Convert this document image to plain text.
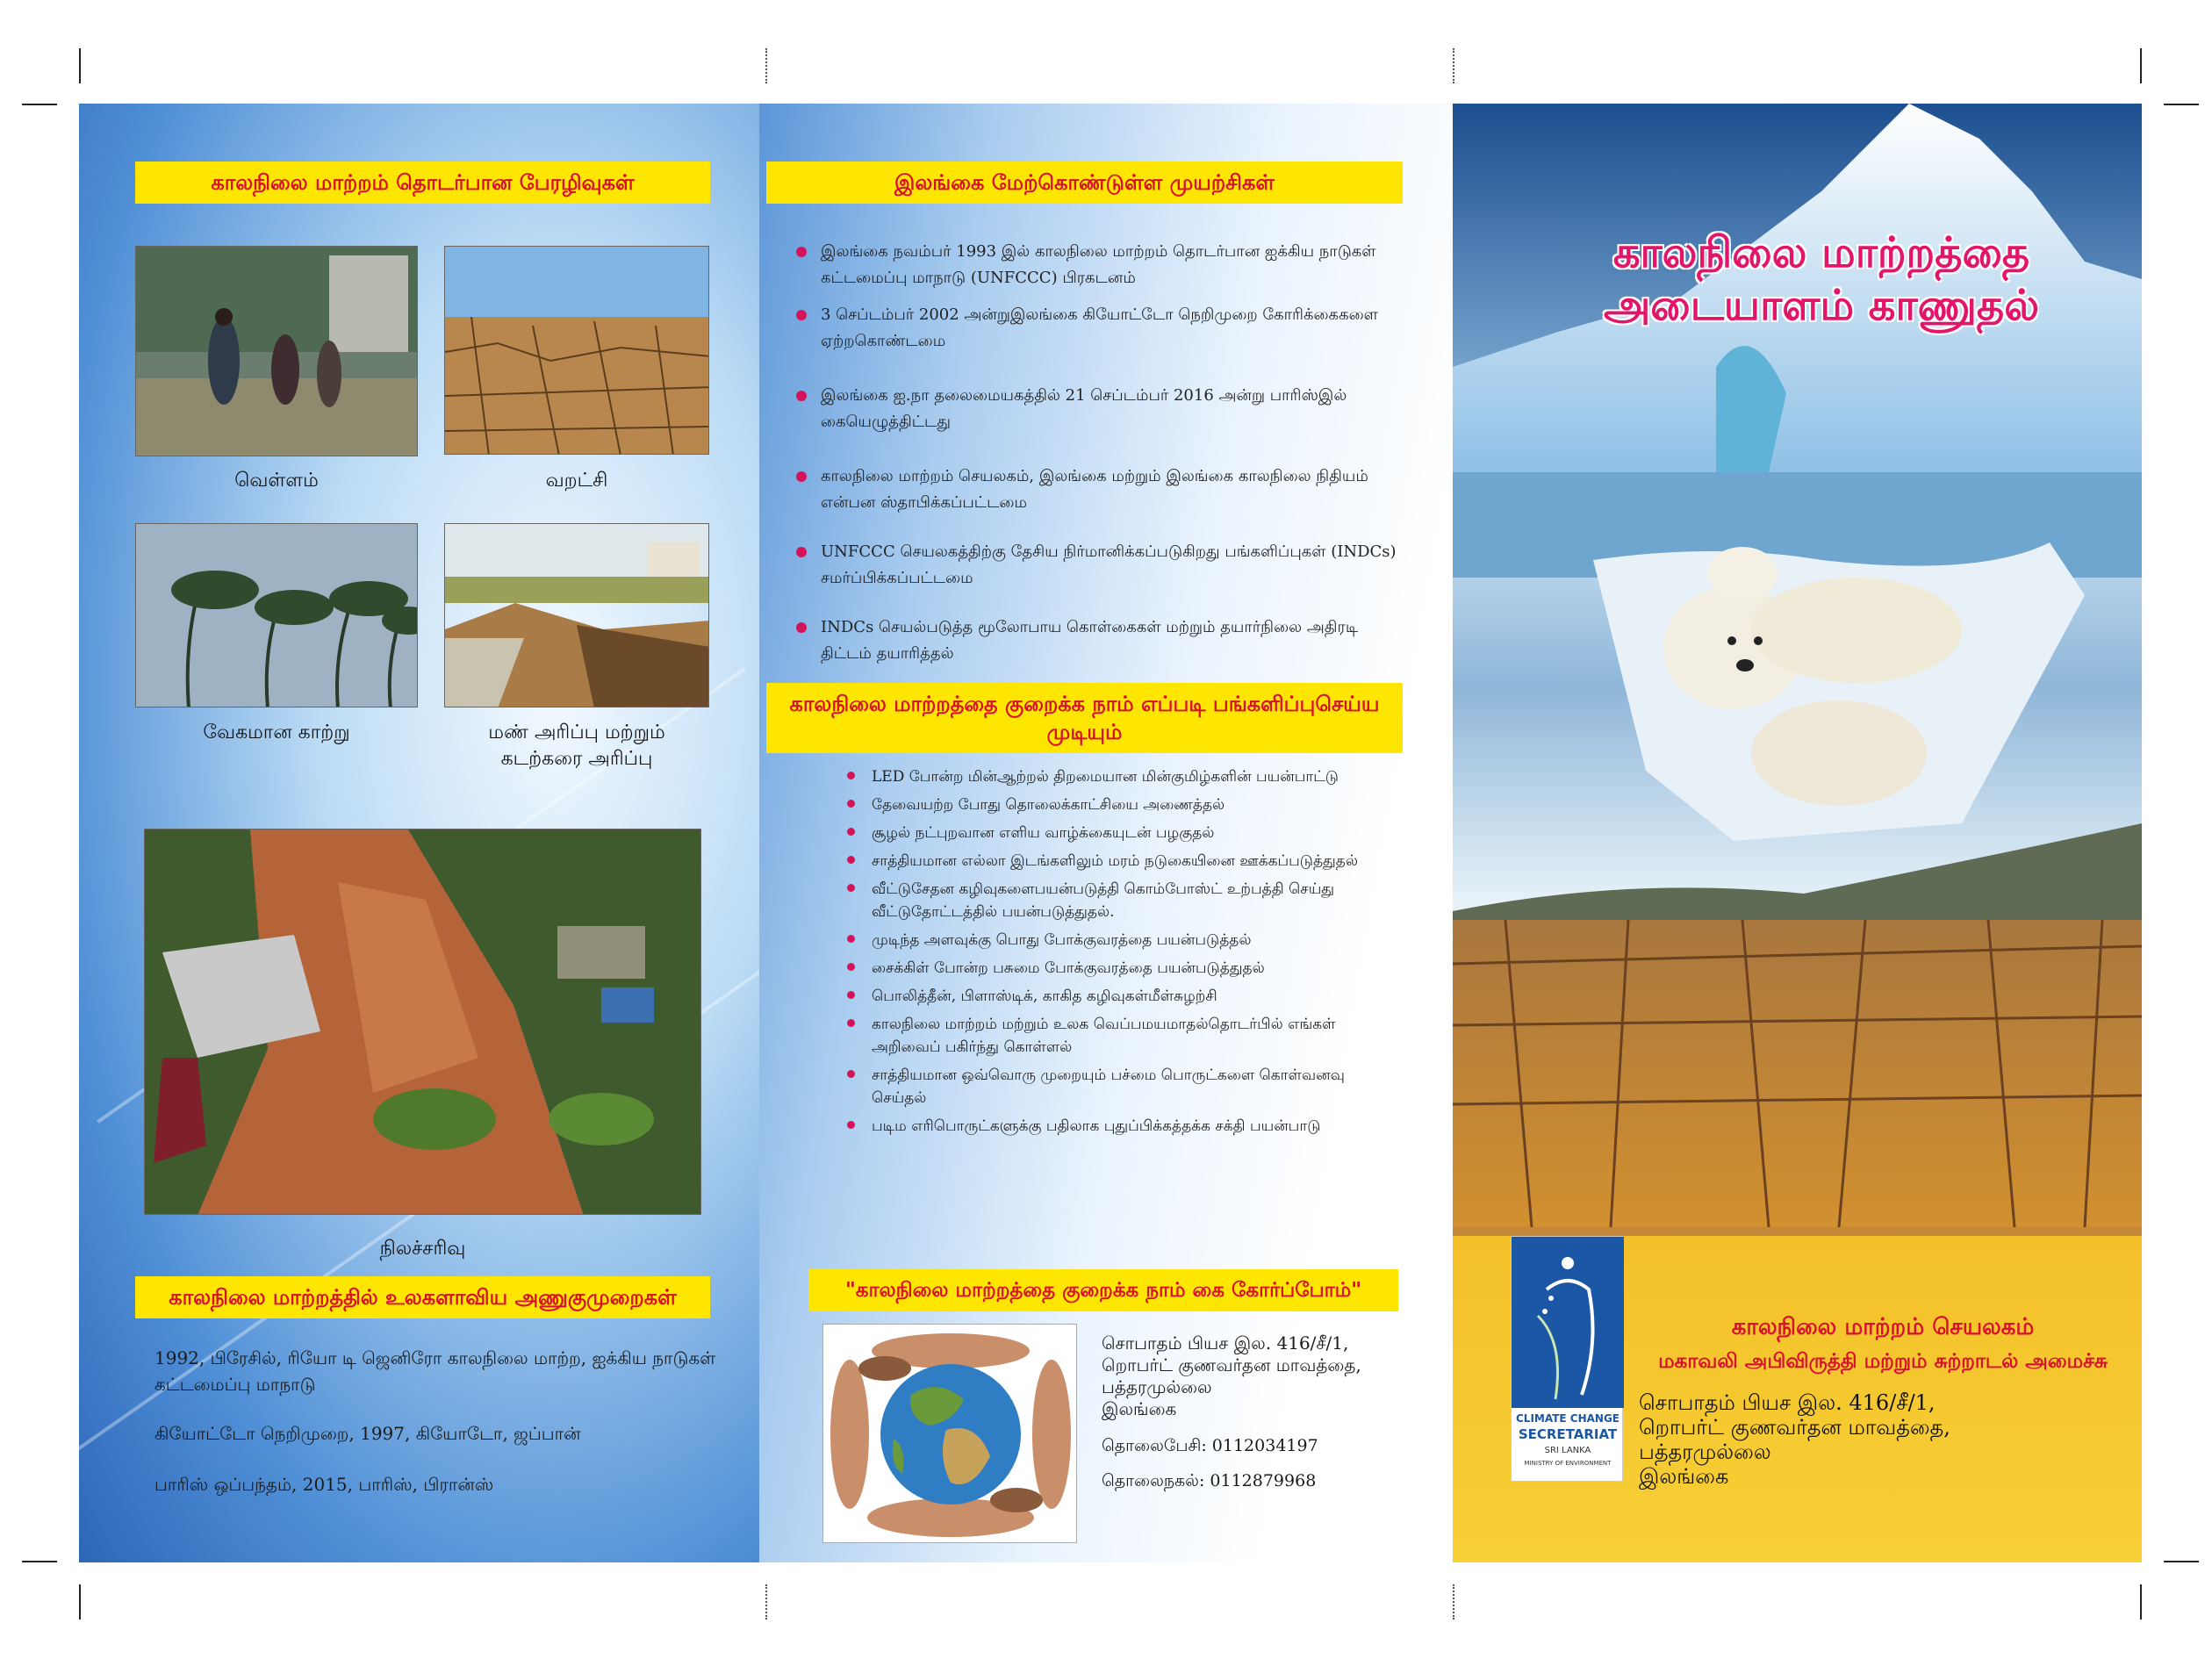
காலநிலை மாற்றம் தொடர்பான பேரழிவுகள்
வெள்ளம்	வறட்சி
வேகமான காற்று	மண் அரிப்பு மற்றும்
கடற்கரை அரிப்பு
நிலச்சரிவு
காலநிலை மாற்றத்தில் உலகளாவிய அணுகுமுறைகள்
1992, பிரேசில், ரியோ டி ஜெனிரோ காலநிலை மாற்ற, ஐக்கிய நாடுகள் கட்டமைப்பு மாநாடு
கியோட்டோ நெறிமுறை, 1997, கியோடோ, ஜப்பான்
பாரிஸ் ஒப்பந்தம், 2015, பாரிஸ், பிரான்ஸ்
இலங்கை மேற்கொண்டுள்ள முயற்சிகள்
இலங்கை நவம்பர் 1993 இல் காலநிலை மாற்றம் தொடர்பான ஐக்கிய நாடுகள் கட்டமைப்பு மாநாடு (UNFCCC) பிரகடனம்
3 செப்டம்பர் 2002 அன்றுஇலங்கை கியோட்டோ நெறிமுறை கோரிக்கைகளை ஏற்றகொண்டமை
இலங்கை ஐ.நா தலைமையகத்தில் 21 செப்டம்பர் 2016 அன்று பாரிஸ்இல் கையெழுத்திட்டது
காலநிலை மாற்றம் செயலகம், இலங்கை மற்றும் இலங்கை காலநிலை நிதியம் என்பன ஸ்தாபிக்கப்பட்டமை
UNFCCC செயலகத்திற்கு தேசிய நிர்மானிக்கப்படுகிறது பங்களிப்புகள் (INDCs) சமர்ப்பிக்கப்பட்டமை
INDCs செயல்படுத்த மூலோபாய கொள்கைகள் மற்றும் தயார்நிலை அதிரடி திட்டம் தயாரித்தல்
காலநிலை மாற்றத்தை குறைக்க நாம் எப்படி பங்களிப்புசெய்ய முடியும்
LED போன்ற மின்ஆற்றல் திறமையான மின்குமிழ்களின் பயன்பாட்டு
தேவையற்ற போது தொலைக்காட்சியை அணைத்தல்
சூழல் நட்புறவான எளிய வாழ்க்கையுடன் பழகுதல்
சாத்தியமான எல்லா இடங்களிலும் மரம் நடுகையினை ஊக்கப்படுத்துதல்
வீட்டுசேதன கழிவுகளைபயன்படுத்தி கொம்போஸ்ட் உற்பத்தி செய்து வீட்டுதோட்டத்தில் பயன்படுத்துதல்.
முடிந்த அளவுக்கு பொது போக்குவரத்தை பயன்படுத்தல்
சைக்கிள் போன்ற பசுமை போக்குவரத்தை பயன்படுத்துதல்
பொலித்தீன், பிளாஸ்டிக், காகித கழிவுகள்மீள்சுழற்சி
காலநிலை மாற்றம் மற்றும் உலக வெப்பமயமாதல்தொடர்பில் எங்கள் அறிவைப் பகிர்ந்து கொள்ளல்
சாத்தியமான ஒவ்வொரு முறையும் பச்மை பொருட்களை கொள்வனவு செய்தல்
படிம எரிபொருட்களுக்கு பதிலாக புதுப்பிக்கத்தக்க சக்தி பயன்பாடு
"காலநிலை மாற்றத்தை குறைக்க நாம் கை கோர்ப்போம்"
சொபாதம் பியச இல. 416/சீ/1,
றொபர்ட் குணவர்தன மாவத்தை,
பத்தரமுல்லை
இலங்கை
தொலைபேசி: 0112034197
தொலைநகல்: 0112879968
காலநிலை மாற்றத்தை
அடையாளம் காணுதல்
CLIMATE CHANGE
SECRETARIAT
SRI LANKA
MINISTRY OF ENVIRONMENT
காலநிலை மாற்றம் செயலகம்
மகாவலி அபிவிருத்தி மற்றும் சுற்றாடல் அமைச்சு
சொபாதம் பியச இல. 416/சீ/1,
றொபர்ட் குணவர்தன மாவத்தை,
பத்தரமுல்லை
இலங்கை
